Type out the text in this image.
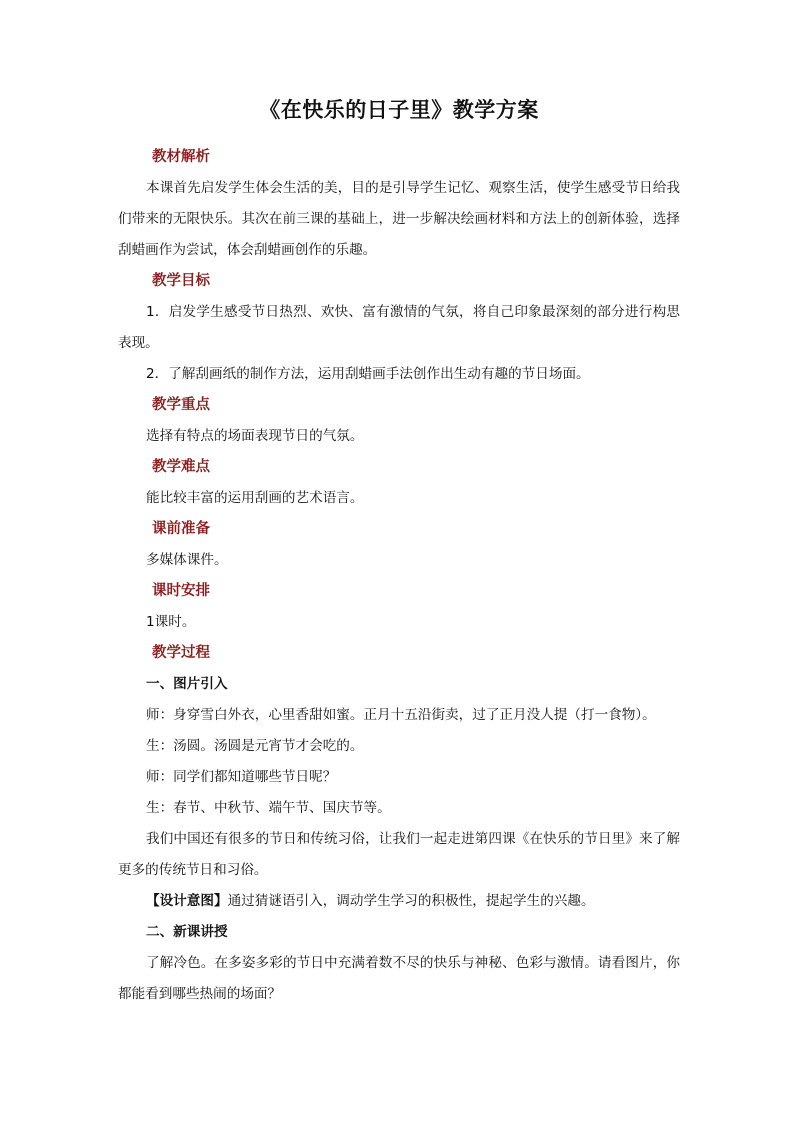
《在快乐的日子里》教学方案
教材解析
本课首先启发学生体会生活的美，目的是引导学生记忆、观察生活，使学生感受节日给我们带来的无限快乐。其次在前三课的基础上，进一步解决绘画材料和方法上的创新体验，选择刮蜡画作为尝试，体会刮蜡画创作的乐趣。
教学目标
1．启发学生感受节日热烈、欢快、富有激情的气氛，将自己印象最深刻的部分进行构思表现。
2．了解刮画纸的制作方法，运用刮蜡画手法创作出生动有趣的节日场面。
教学重点
选择有特点的场面表现节日的气氛。
教学难点
能比较丰富的运用刮画的艺术语言。
课前准备
多媒体课件。
课时安排
1课时。
教学过程
一、图片引入
师：身穿雪白外衣，心里香甜如蜜。正月十五沿街卖，过了正月没人提（打一食物）。
生：汤圆。汤圆是元宵节才会吃的。
师：同学们都知道哪些节日呢？
生：春节、中秋节、端午节、国庆节等。
我们中国还有很多的节日和传统习俗，让我们一起走进第四课《在快乐的节日里》来了解更多的传统节日和习俗。
【设计意图】通过猜谜语引入，调动学生学习的积极性，提起学生的兴趣。
二、新课讲授
了解冷色。在多姿多彩的节日中充满着数不尽的快乐与神秘、色彩与激情。请看图片，你都能看到哪些热闹的场面？
